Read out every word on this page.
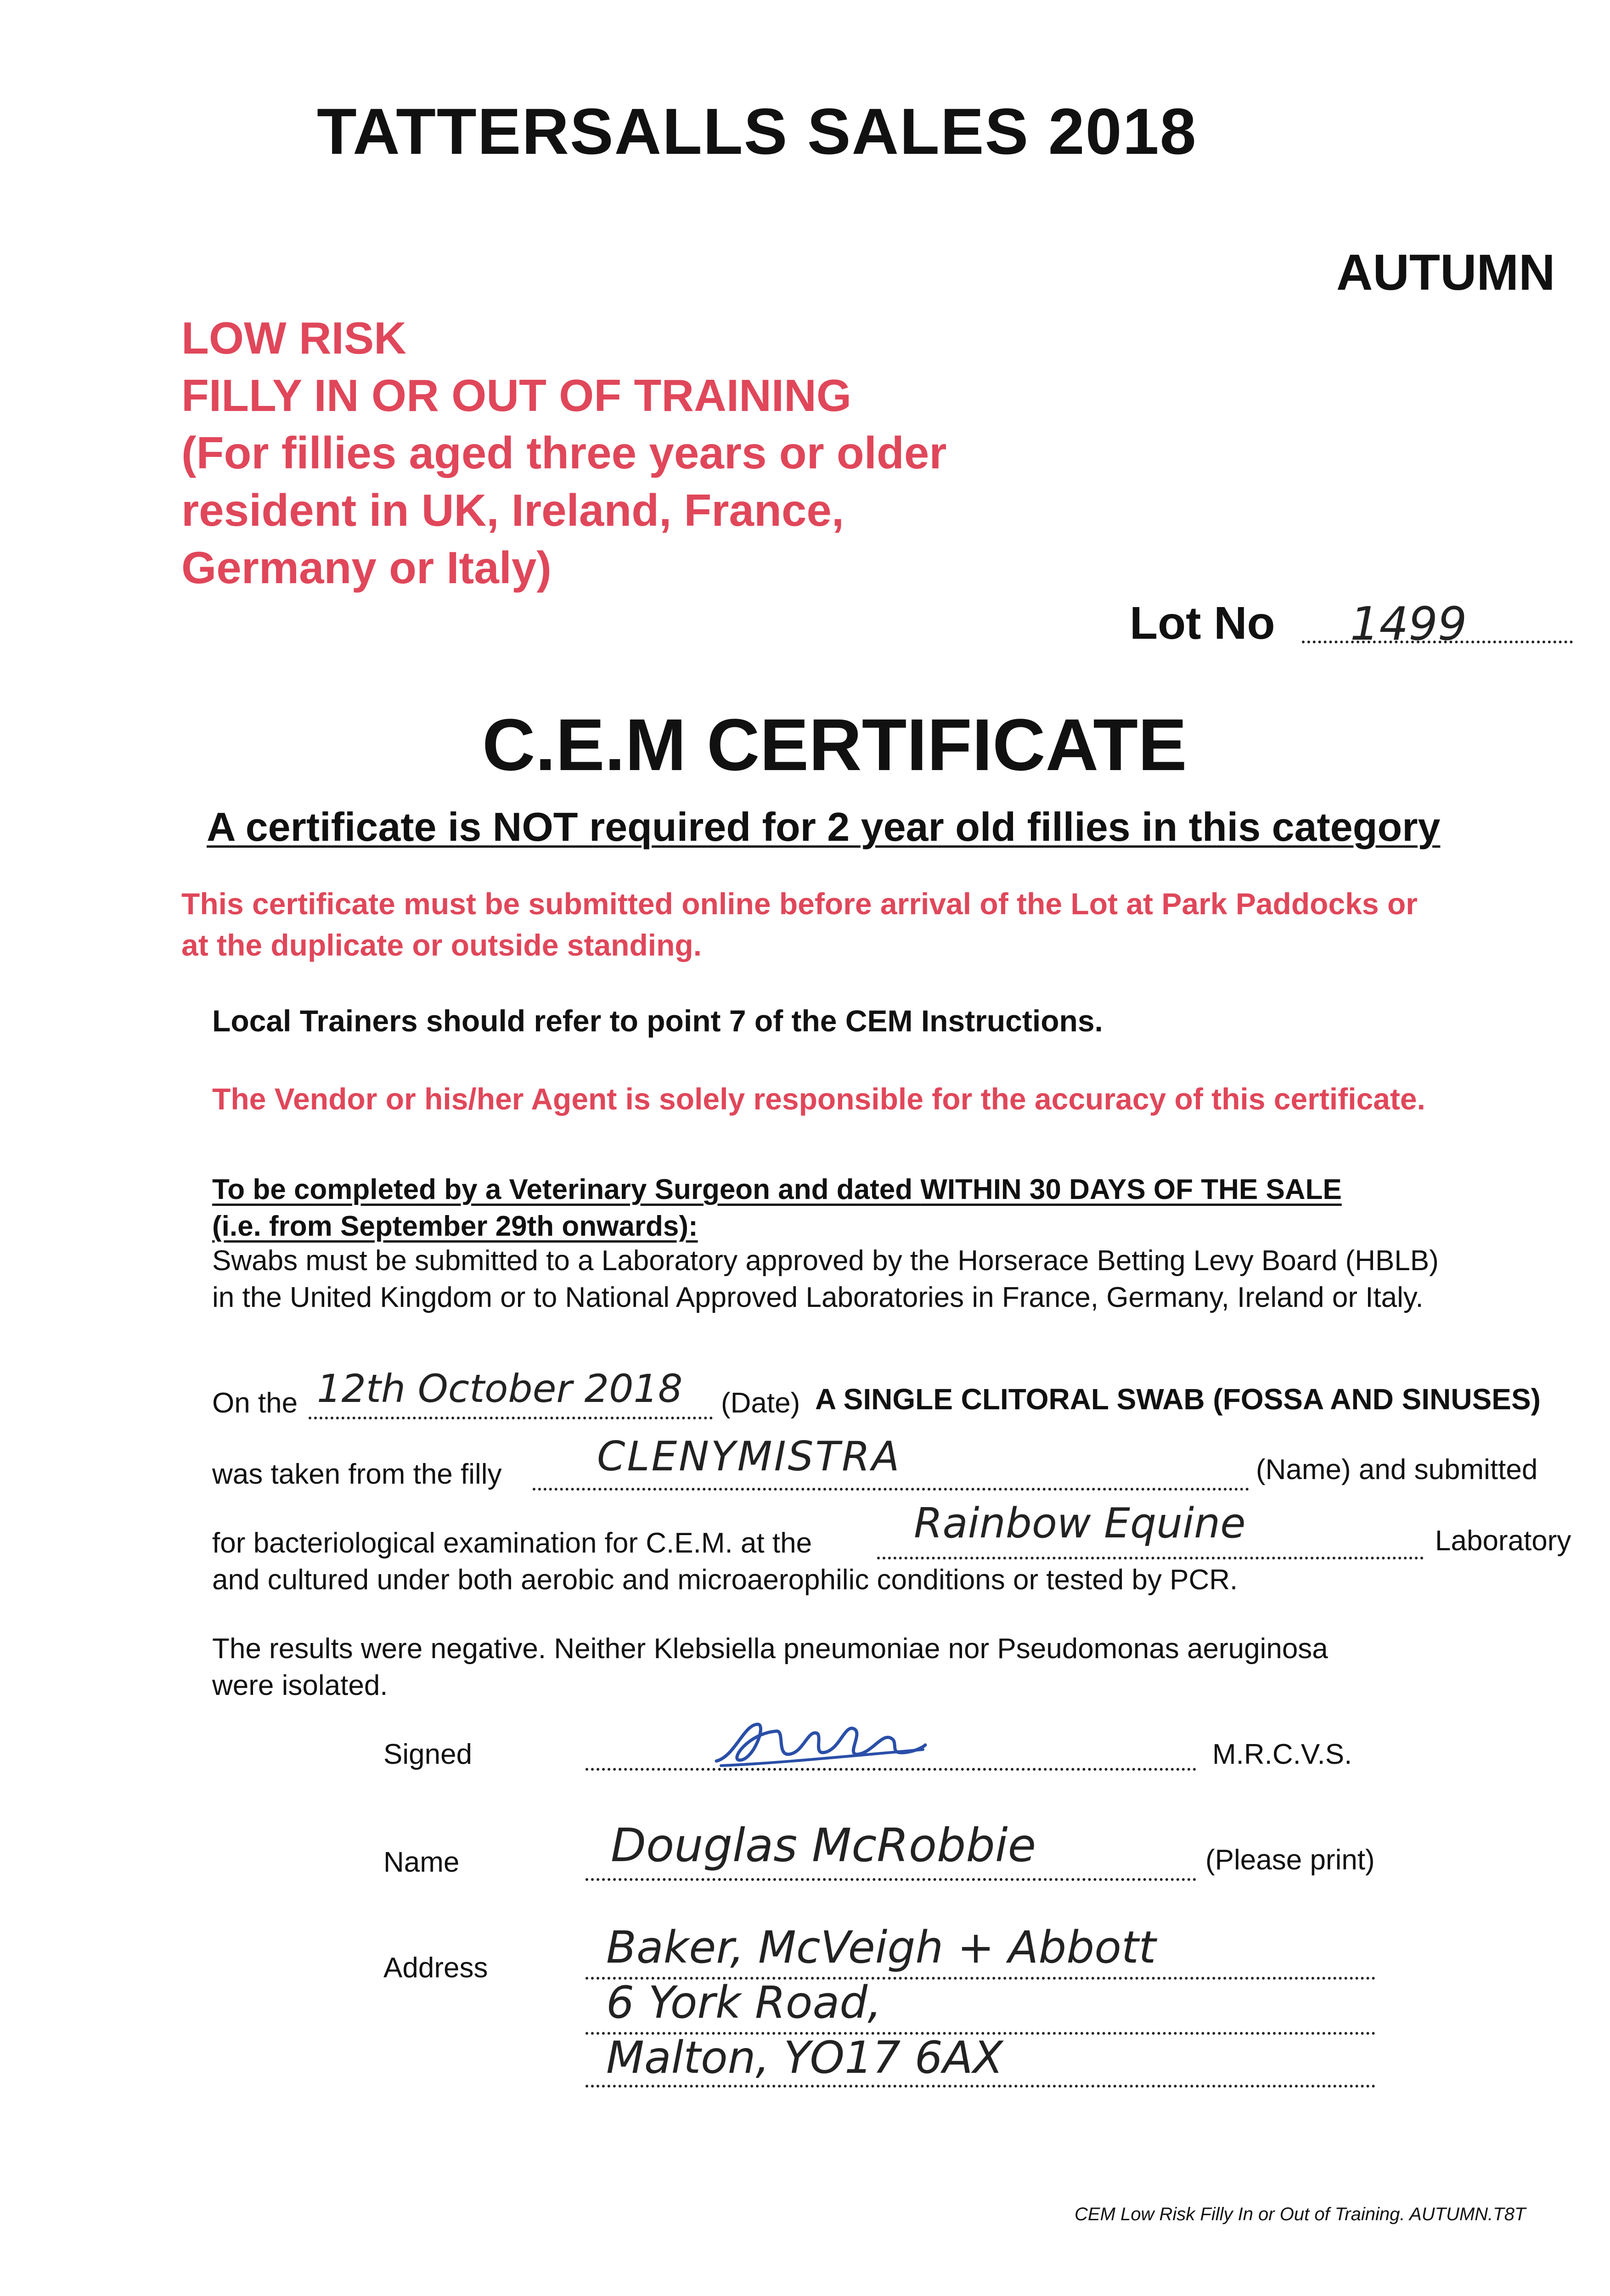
TATTERSALLS SALES 2018
AUTUMN
LOW RISK
FILLY IN OR OUT OF TRAINING
(For fillies aged three years or older
resident in UK, Ireland, France,
Germany or Italy)
Lot No 1499
C.E.M CERTIFICATE
A certificate is NOT required for 2 year old fillies in this category
This certificate must be submitted online before arrival of the Lot at Park Paddocks or
at the duplicate or outside standing.
Local Trainers should refer to point 7 of the CEM Instructions.
The Vendor or his/her Agent is solely responsible for the accuracy of this certificate.
To be completed by a Veterinary Surgeon and dated WITHIN 30 DAYS OF THE SALE
(i.e. from September 29th onwards):
Swabs must be submitted to a Laboratory approved by the Horserace Betting Levy Board (HBLB)
in the United Kingdom or to National Approved Laboratories in France, Germany, Ireland or Italy.
On the 12th October 2018 (Date) A SINGLE CLITORAL SWAB (FOSSA AND SINUSES)
was taken from the filly CLENYMISTRA	(Name) and submitted
for bacteriological examination for C.E.M. at the Rainbow Equine	Laboratory
and cultured under both aerobic and microaerophilic conditions or tested by PCR.
The results were negative. Neither Klebsiella pneumoniae nor Pseudomonas aeruginosa
were isolated.
Signed	M.R.C.V.S.
Name	Douglas McRobbie	(Please print)
Address	Baker, McVeigh + Abbott
6 York Road,
Malton, YO17 6AX
CEM Low Risk Filly In or Out of Training. AUTUMN.T8T
